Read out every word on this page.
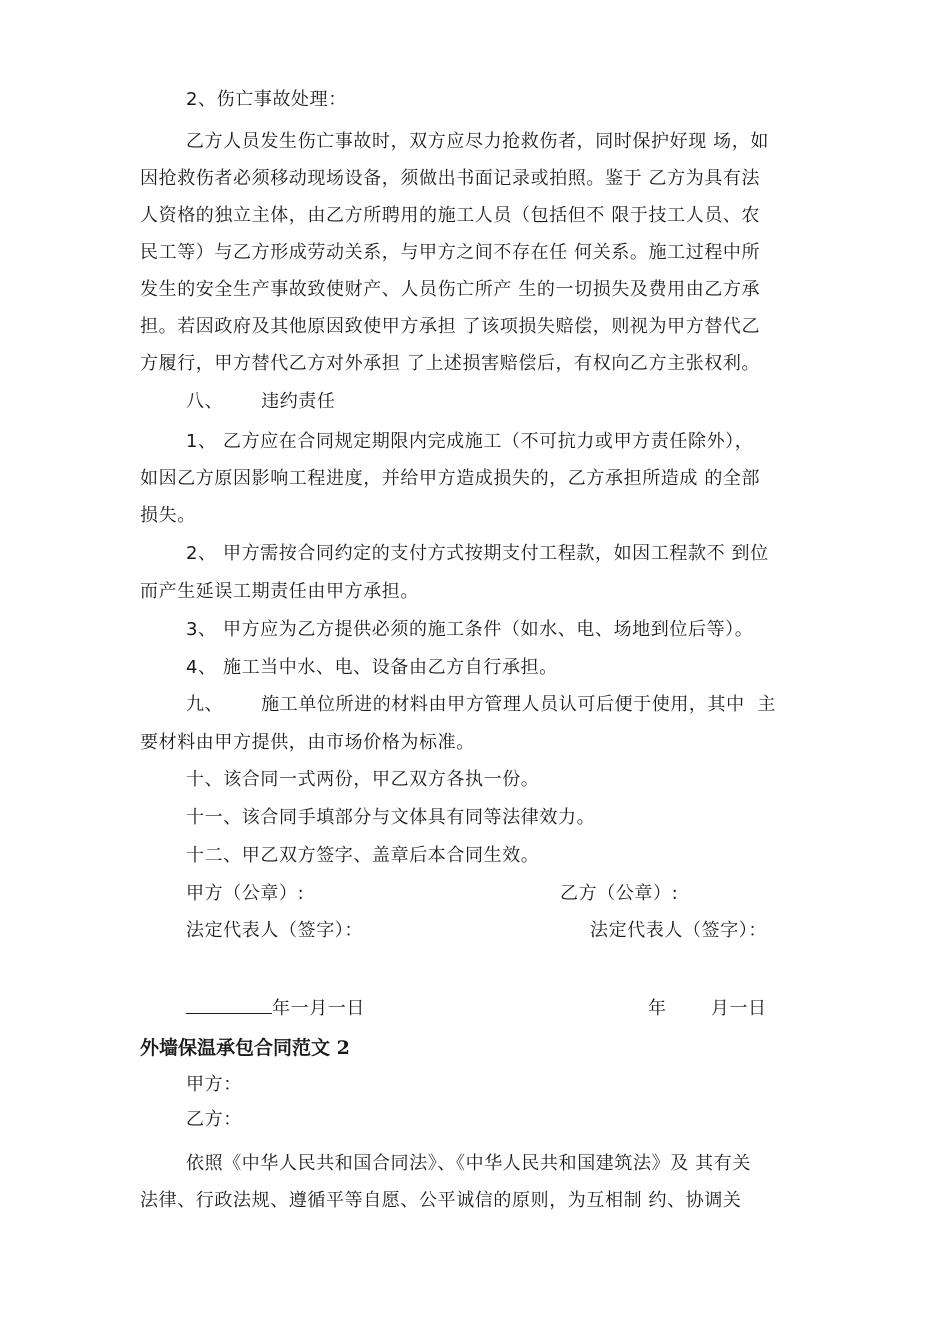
2、伤亡事故处理：
乙方人员发生伤亡事故时，双方应尽力抢救伤者，同时保护好现 场，如
因抢救伤者必须移动现场设备，须做出书面记录或拍照。鉴于 乙方为具有法
人资格的独立主体，由乙方所聘用的施工人员（包括但不 限于技工人员、农
民工等）与乙方形成劳动关系，与甲方之间不存在任 何关系。施工过程中所
发生的安全生产事故致使财产、人员伤亡所产 生的一切损失及费用由乙方承
担。若因政府及其他原因致使甲方承担 了该项损失赔偿，则视为甲方替代乙
方履行，甲方替代乙方对外承担 了上述损害赔偿后，有权向乙方主张权利。
八、      违约责任
1、 乙方应在合同规定期限内完成施工（不可抗力或甲方责任除外），
如因乙方原因影响工程进度，并给甲方造成损失的，乙方承担所造成 的全部
损失。
2、 甲方需按合同约定的支付方式按期支付工程款，如因工程款不 到位
而产生延误工期责任由甲方承担。
3、 甲方应为乙方提供必须的施工条件（如水、电、场地到位后等）。
4、 施工当中水、电、设备由乙方自行承担。
九、      施工单位所进的材料由甲方管理人员认可后便于使用，其中  主
要材料由甲方提供，由市场价格为标准。
十、该合同一式两份，甲乙双方各执一份。
十一、该合同手填部分与文体具有同等法律效力。
十二、甲乙双方签字、盖章后本合同生效。
甲方（公章）:	乙方（公章）:
法定代表人（签字）：	法定代表人（签字）：
年一月一日	年       月一日
外墙保温承包合同范文 2
甲方：
乙方：
依照《中华人民共和国合同法》、《中华人民共和国建筑法》及 其有关
法律、行政法规、遵循平等自愿、公平诚信的原则，为互相制 约、协调关
